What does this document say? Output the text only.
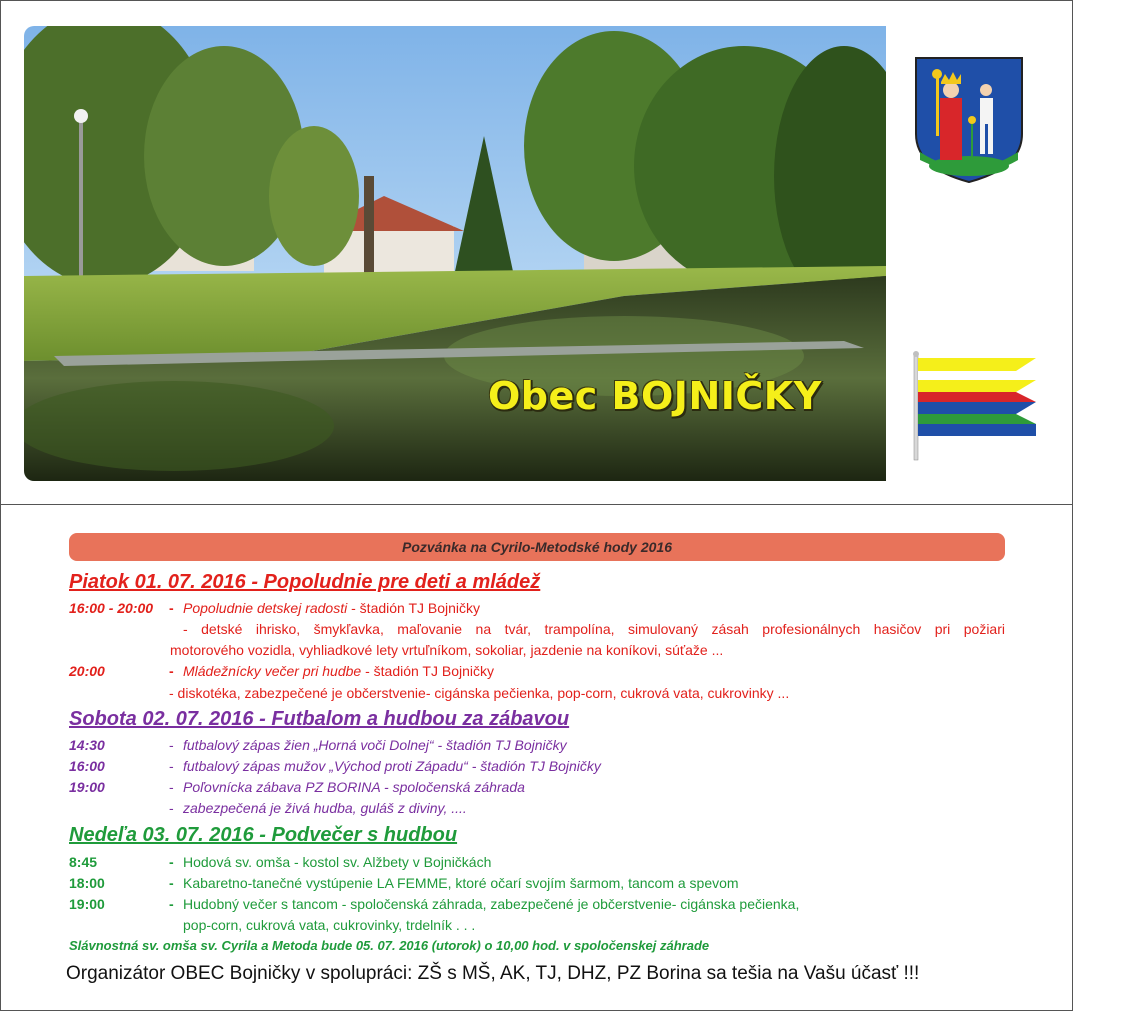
Obec BOJNIČKY
Pozvánka na Cyrilo-Metodské hody 2016
Piatok 01. 07. 2016 - Popoludnie pre deti a mládež
16:00 - 20:00 - Popoludnie detskej radosti - štadión TJ Bojničky
- detské ihrisko, šmykľavka, maľovanie na tvár, trampolína, simulovaný zásah profesionálnych hasičov pri požiari
motorového vozidla, vyhliadkové lety vrtuľníkom, sokoliar, jazdenie na koníkovi, súťaže ...
20:00	- Mládežnícky večer pri hudbe - štadión TJ Bojničky
- diskotéka, zabezpečené je občerstvenie- cigánska pečienka, pop-corn, cukrová vata, cukrovinky ...
Sobota 02. 07. 2016 - Futbalom a hudbou za zábavou
14:30	- futbalový zápas žien „Horná voči Dolnej“ - štadión TJ Bojničky
16:00	- futbalový zápas mužov „Východ proti Západu“ - štadión TJ Bojničky
19:00	- Poľovnícka zábava PZ BORINA - spoločenská záhrada
- zabezpečená je živá hudba, guláš z diviny, ....
Nedeľa 03. 07. 2016 - Podvečer s hudbou
8:45	- Hodová sv. omša - kostol sv. Alžbety v Bojničkách
18:00	- Kabaretno-tanečné vystúpenie LA FEMME, ktoré očarí svojím šarmom, tancom a spevom
19:00	- Hudobný večer s tancom - spoločenská záhrada, zabezpečené je občerstvenie- cigánska pečienka,
pop-corn, cukrová vata, cukrovinky, trdelník . . .
Slávnostná sv. omša sv. Cyrila a Metoda bude 05. 07. 2016 (utorok) o 10,00 hod. v spoločenskej záhrade
Organizátor OBEC Bojničky v spolupráci: ZŠ s MŠ, AK, TJ, DHZ, PZ Borina sa tešia na Vašu účasť !!!
